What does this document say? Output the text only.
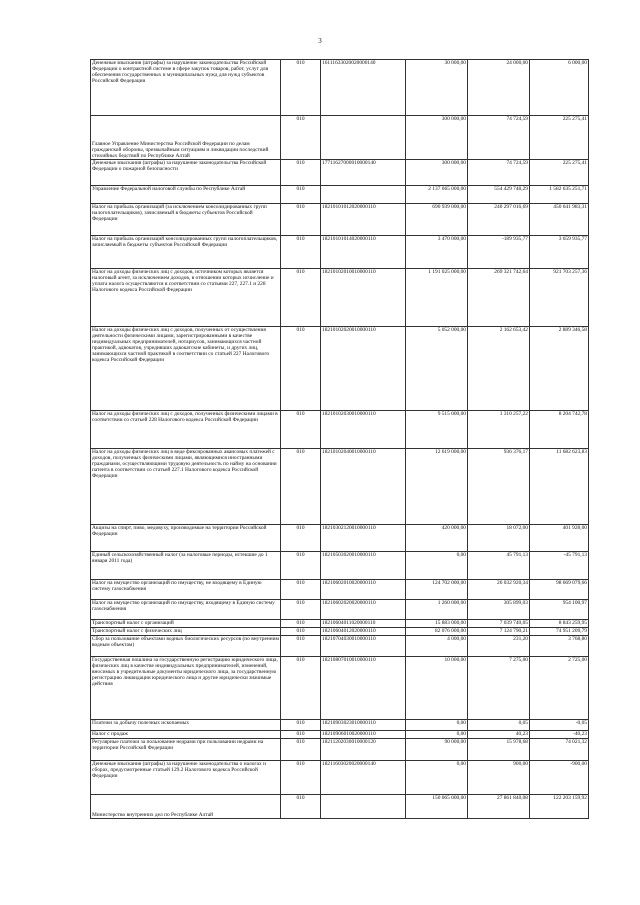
3
Денежные взыскания (штрафы) за нарушение законодательства Российской Федерации о контрактной системе в сфере закупок товаров, работ, услуг для обеспечения государственных и муниципальных нужд для нужд субъектов Российской Федерации	010	16111633020020000140	30 000,00	24 000,00	6 000,00
Главное Управление Министерства Российской Федерации по делам гражданской обороны, чрезвычайным ситуациям и ликвидации последствий стихийных бедствий по Республике Алтай	010		300 000,00	74 724,59	225 275,41
Денежные взыскания (штрафы) за нарушение законодательства Российской Федерации о пожарной безопасности	010	17711627000010000140	300 000,00	74 724,59	225 275,41
Управление Федеральной налоговой службы по Республике Алтай	010		2 137 065 000,00	554 429 748,29	1 582 635 251,71
Налог на прибыль организаций (за исключением консолидированных групп налогоплательщиков), зачисляемый в бюджеты субъектов Российской Федерации	010	18210101012020000110	690 939 000,00	240 297 016,69	450 641 983,31
Налог на прибыль организаций консолидированных групп налогоплательщиков, зачисляемый в бюджеты субъектов Российской Федерации	010	18210101014020000110	3 470 000,00	-189 935,77	3 659 935,77
Налог на доходы физических лиц с доходов, источником которых является налоговый агент, за исключением доходов, в отношении которых исчисление и уплата налога осуществляются в соответствии со статьями 227, 227.1 и 228 Налогового кодекса Российской Федерации	010	18210102010010000110	1 191 025 000,00	269 321 742,64	921 703 257,36
Налог на доходы физических лиц с доходов, полученных от осуществления деятельности физическими лицами, зарегистрированными в качестве индивидуальных предпринимателей, нотариусов, занимающихся частной практикой, адвокатов, учредивших адвокатские кабинеты, и других лиц, занимающихся частной практикой в соответствии со статьей 227 Налогового кодекса Российской Федерации	010	18210102020010000110	5 052 000,00	2 162 653,42	2 889 346,58
Налог на доходы физических лиц с доходов, полученных физическими лицами в соответствии со статьей 228 Налогового кодекса Российской Федерации	010	18210102030010000110	9 515 000,00	1 310 257,22	8 204 742,78
Налог на доходы физических лиц в виде фиксированных авансовых платежей с доходов, полученных физическими лицами, являющимися иностранными гражданами, осуществляющими трудовую деятельность по найму на основании патента в соответствии со статьей 227.1 Налогового кодекса Российской Федерации	010	18210102040010000110	12 619 000,00	936 376,17	11 682 623,83
Акцизы на спирт, пиво, медовуху, производимые на территории Российской Федерации	010	18210302120010000110	420 000,00	18 072,00	401 928,00
Единый сельскохозяйственный налог (за налоговые периоды, истекшие до 1 января 2011 года)	010	18210503020010000110	0,00	45 791,13	-45 791,13
Налог на имущество организаций по имуществу, не входящему в Единую систему газоснабжения	010	18210602010020000110	124 702 000,00	26 032 920,34	98 669 079,66
Налог на имущество организаций по имуществу, входящему в Единую систему газоснабжения	010	18210602020020000110	1 260 000,00	305 899,03	954 100,97
Транспортный налог с организаций	010	18210604011020000110	15 883 000,00	7 039 740,05	8 843 259,95
Транспортный налог с физических лиц	010	18210604012020000110	82 076 000,00	7 124 790,21	74 951 209,79
Сбор за пользование объектами водных биологических ресурсов (по внутренним водным объектам)	010	18210704030010000110	4 000,00	231,20	3 768,80
Государственная пошлина за государственную регистрацию юридического лица, физических лиц в качестве индивидуальных предпринимателей, изменений, вносимых в учредительные документы юридического лица, за государственную регистрацию ликвидации юридического лица и другие юридически значимые действия	010	18210807010010000110	10 000,00	7 275,00	2 725,00
Платежи за добычу полезных ископаемых	010	18210903023010000110	0,00	0,05	-0,05
Налог с продаж	010	18210906010020000110	0,00	40,23	-40,23
Регулярные платежи за пользование недрами при пользовании недрами на территории Российской Федерации	010	18211202030010000120	90 000,00	15 978,68	74 021,32
Денежные взыскания (штрафы) за нарушение законодательства о налогах и сборах, предусмотренные статьей 129.2 Налогового кодекса Российской Федерации	010	18211603020020000140	0,00	900,00	-900,00
Министерство внутренних дел по Республике Алтай	010		150 065 000,00	27 861 840,08	122 203 159,92
